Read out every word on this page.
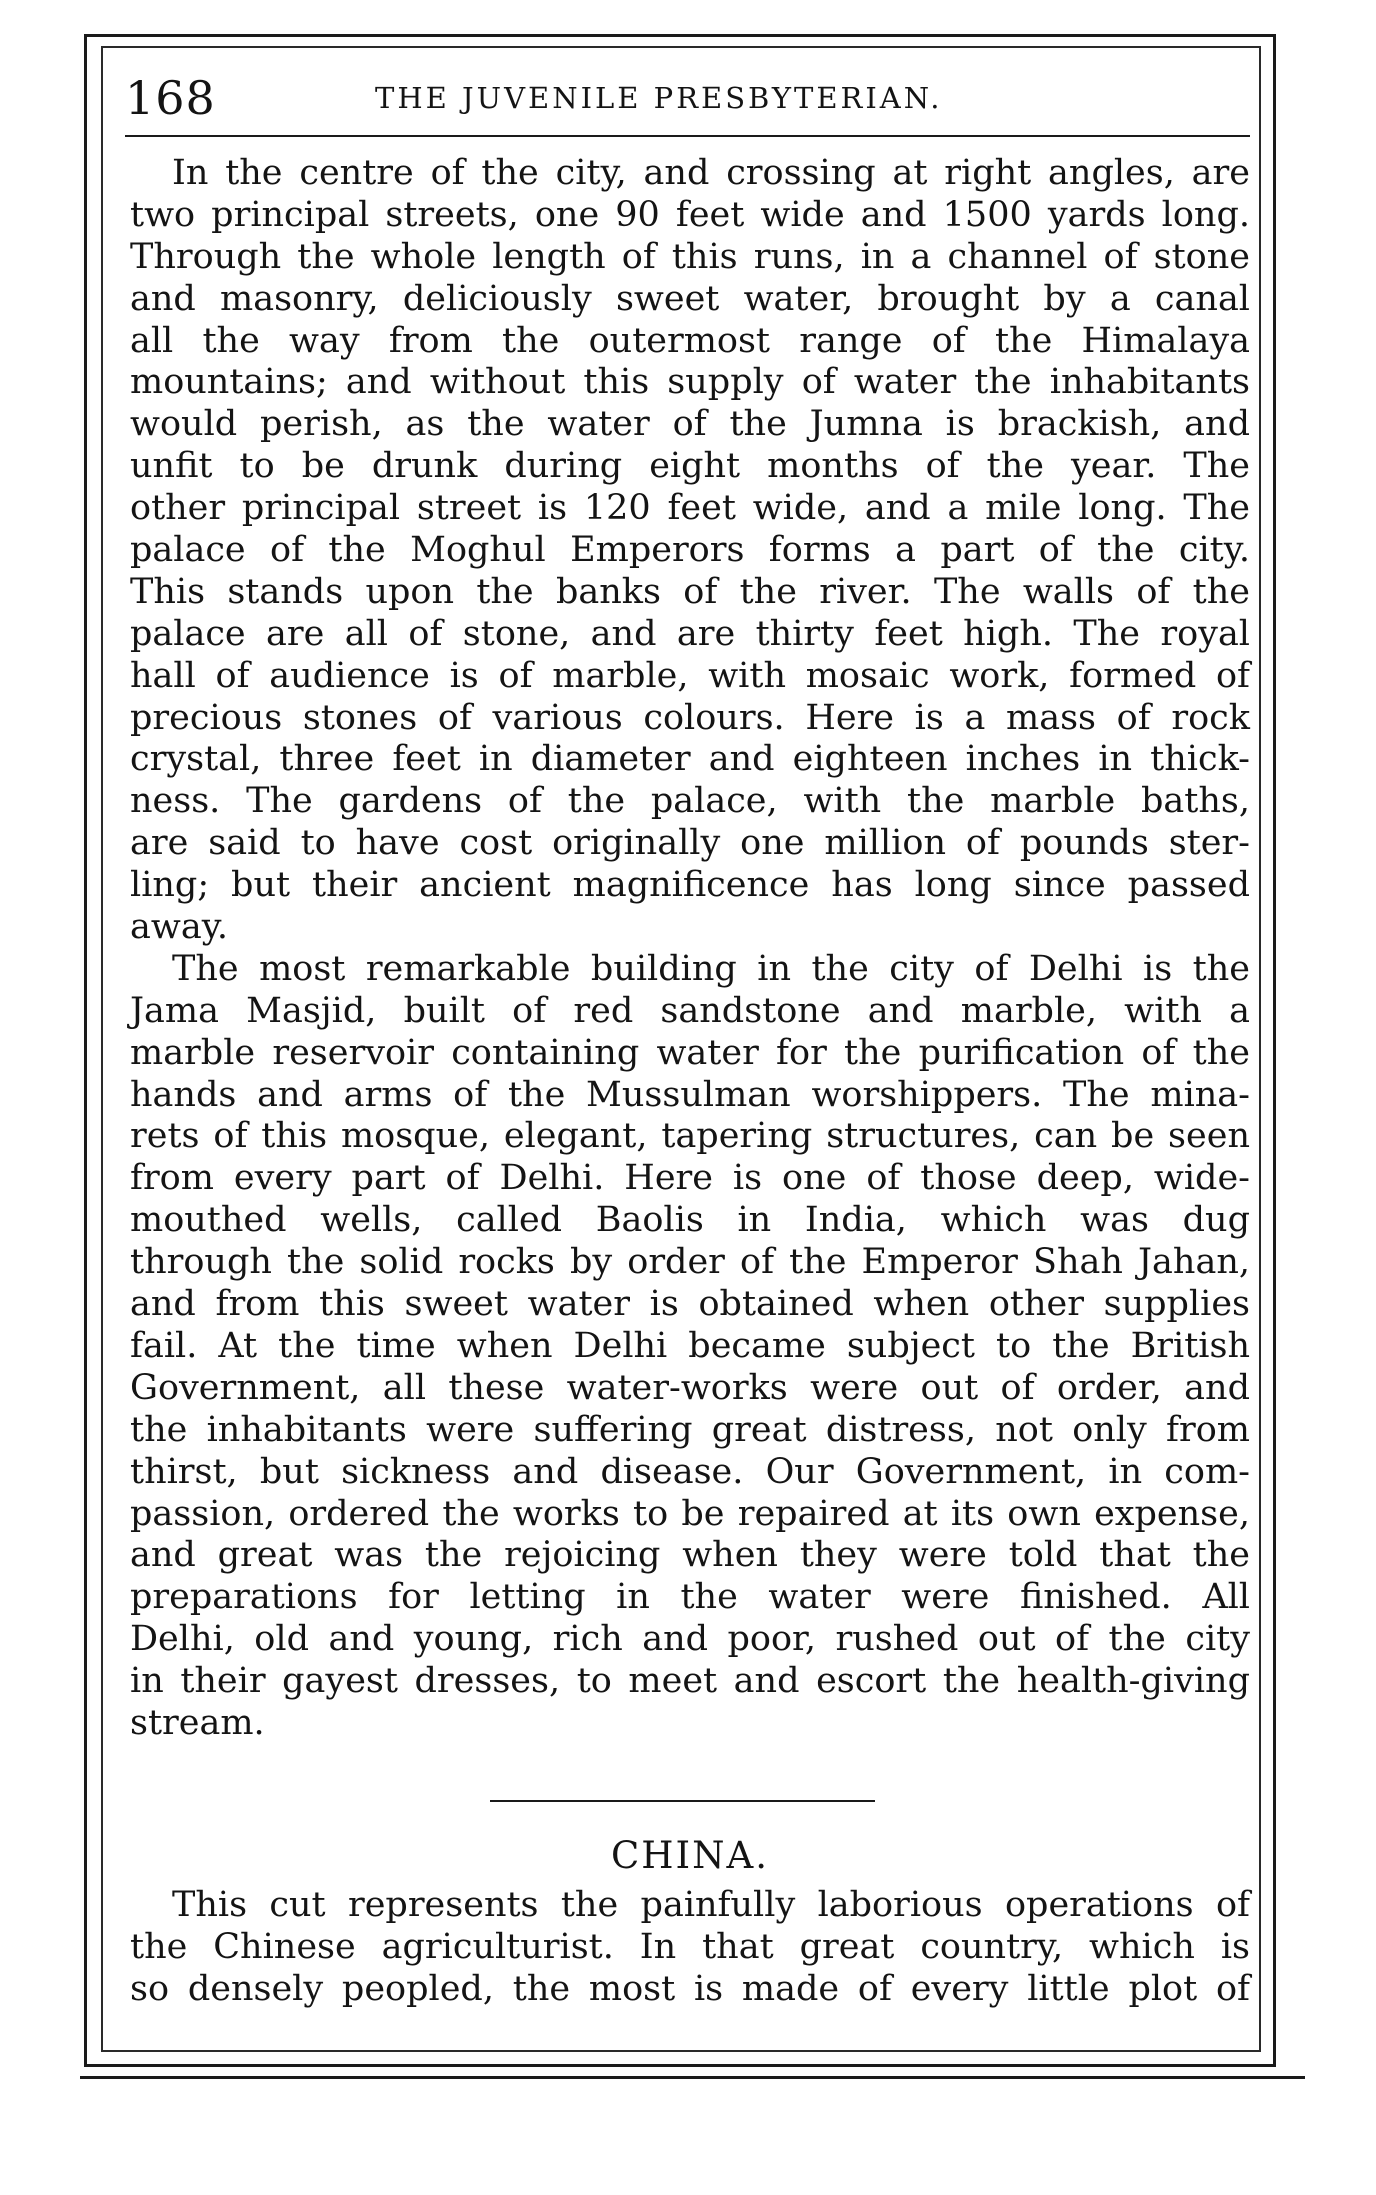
168	THE JUVENILE PRESBYTERIAN.
In the centre of the city, and crossing at right angles, are
two principal streets, one 90 feet wide and 1500 yards long.
Through the whole length of this runs, in a channel of stone
and masonry, deliciously sweet water, brought by a canal
all the way from the outermost range of the Himalaya
mountains; and without this supply of water the inhabitants
would perish, as the water of the Jumna is brackish, and
unfit to be drunk during eight months of the year. The
other principal street is 120 feet wide, and a mile long. The
palace of the Moghul Emperors forms a part of the city.
This stands upon the banks of the river. The walls of the
palace are all of stone, and are thirty feet high. The royal
hall of audience is of marble, with mosaic work, formed of
precious stones of various colours. Here is a mass of rock
crystal, three feet in diameter and eighteen inches in thick-
ness. The gardens of the palace, with the marble baths,
are said to have cost originally one million of pounds ster-
ling; but their ancient magnificence has long since passed
away.
The most remarkable building in the city of Delhi is the
Jama Masjid, built of red sandstone and marble, with a
marble reservoir containing water for the purification of the
hands and arms of the Mussulman worshippers. The mina-
rets of this mosque, elegant, tapering structures, can be seen
from every part of Delhi. Here is one of those deep, wide-
mouthed wells, called Baolis in India, which was dug
through the solid rocks by order of the Emperor Shah Jahan,
and from this sweet water is obtained when other supplies
fail. At the time when Delhi became subject to the British
Government, all these water-works were out of order, and
the inhabitants were suffering great distress, not only from
thirst, but sickness and disease. Our Government, in com-
passion, ordered the works to be repaired at its own expense,
and great was the rejoicing when they were told that the
preparations for letting in the water were finished. All
Delhi, old and young, rich and poor, rushed out of the city
in their gayest dresses, to meet and escort the health-giving
stream.
CHINA.
This cut represents the painfully laborious operations of
the Chinese agriculturist. In that great country, which is
so densely peopled, the most is made of every little plot of
